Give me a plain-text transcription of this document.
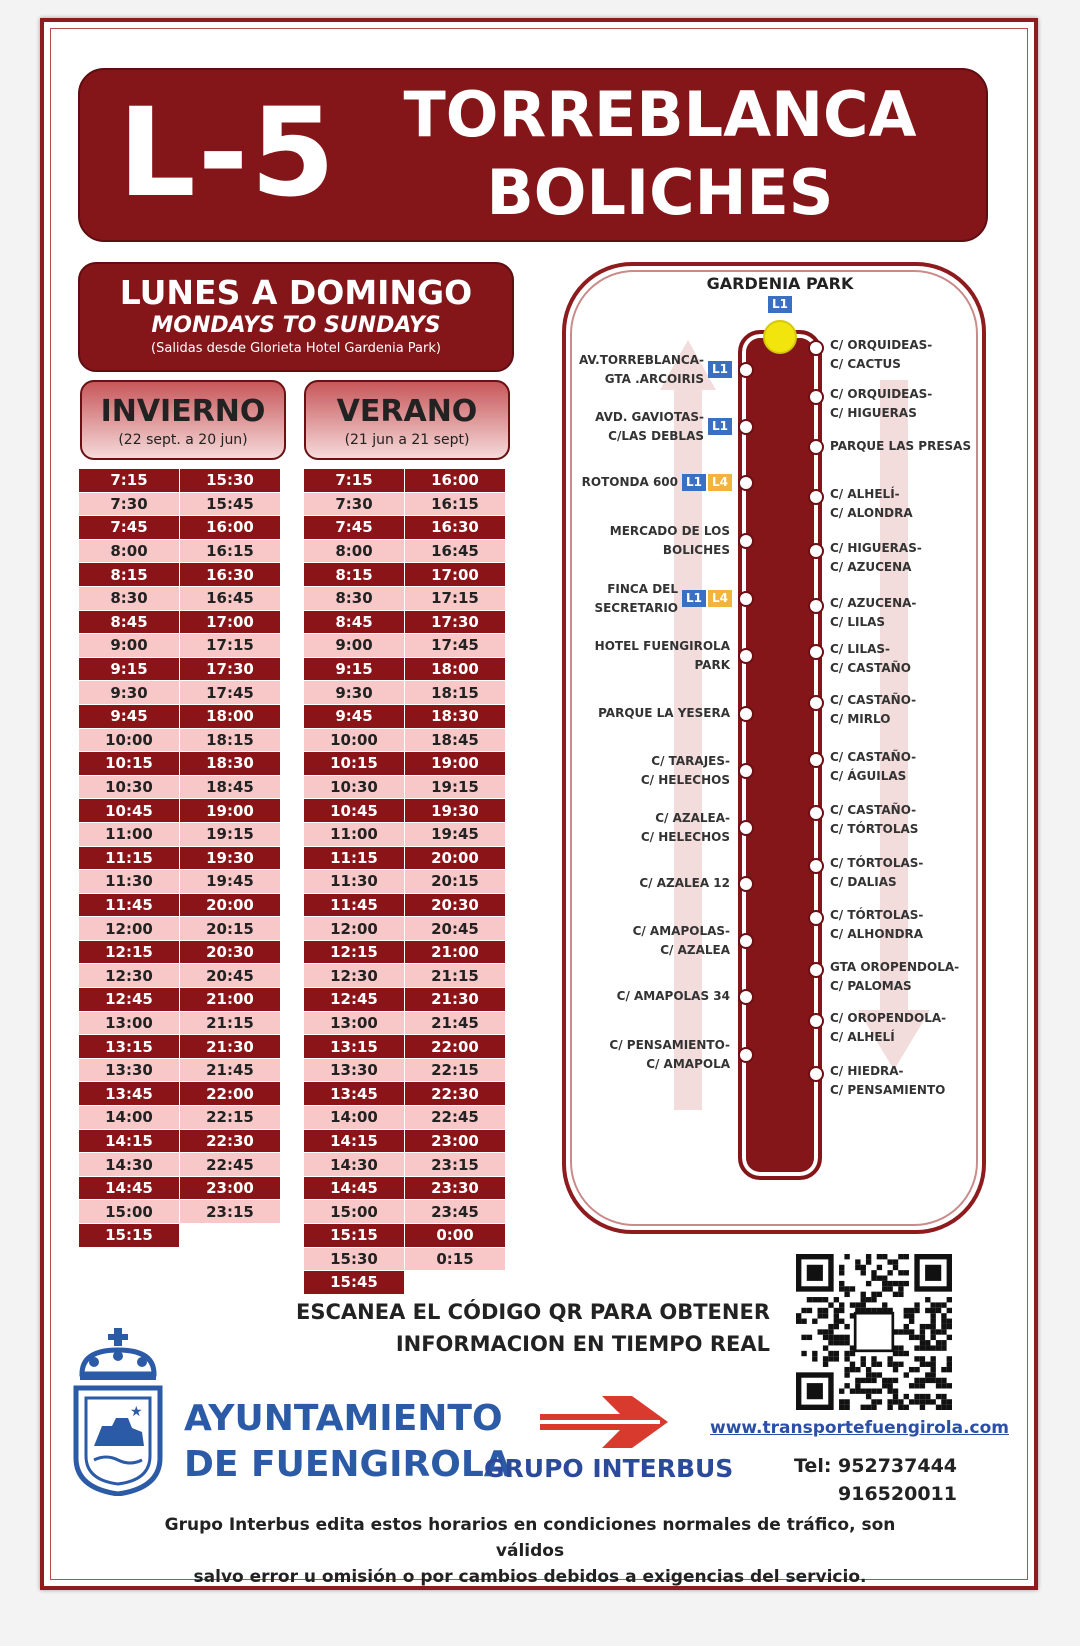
L-5 TORREBLANCA
BOLICHES
LUNES A DOMINGO
MONDAYS TO SUNDAYS
(Salidas desde Glorieta Hotel Gardenia Park)
INVIERNO
(22 sept. a 20 jun)
VERANO
(21 jun a 21 sept)
7:15	15:30
7:30	15:45
7:45	16:00
8:00	16:15
8:15	16:30
8:30	16:45
8:45	17:00
9:00	17:15
9:15	17:30
9:30	17:45
9:45	18:00
10:00	18:15
10:15	18:30
10:30	18:45
10:45	19:00
11:00	19:15
11:15	19:30
11:30	19:45
11:45	20:00
12:00	20:15
12:15	20:30
12:30	20:45
12:45	21:00
13:00	21:15
13:15	21:30
13:30	21:45
13:45	22:00
14:00	22:15
14:15	22:30
14:30	22:45
14:45	23:00
15:00	23:15
15:15	
7:15	16:00
7:30	16:15
7:45	16:30
8:00	16:45
8:15	17:00
8:30	17:15
8:45	17:30
9:00	17:45
9:15	18:00
9:30	18:15
9:45	18:30
10:00	18:45
10:15	19:00
10:30	19:15
10:45	19:30
11:00	19:45
11:15	20:00
11:30	20:15
11:45	20:30
12:00	20:45
12:15	21:00
12:30	21:15
12:45	21:30
13:00	21:45
13:15	22:00
13:30	22:15
13:45	22:30
14:00	22:45
14:15	23:00
14:30	23:15
14:45	23:30
15:00	23:45
15:15	0:00
15:30	0:15
15:45	
GARDENIA PARK
L1
AV.TORREBLANCA-
GTA .ARCOIRIS
L1
AVD. GAVIOTAS-
C/LAS DEBLAS
L1
ROTONDA 600 L1 L4
MERCADO DE LOS
BOLICHES
FINCA DEL
SECRETARIO
L1 L4
HOTEL FUENGIROLA
PARK
PARQUE LA YESERA
C/ TARAJES-
C/ HELECHOS
C/ AZALEA-
C/ HELECHOS
C/ AZALEA 12
C/ AMAPOLAS-
C/ AZALEA
C/ AMAPOLAS 34
C/ PENSAMIENTO-
C/ AMAPOLA
C/ ORQUIDEAS-
C/ CACTUS
C/ ORQUIDEAS-
C/ HIGUERAS
PARQUE LAS PRESAS
C/ ALHELÍ-
C/ ALONDRA
C/ HIGUERAS-
C/ AZUCENA
C/ AZUCENA-
C/ LILAS
C/ LILAS-
C/ CASTAÑO
C/ CASTAÑO-
C/ MIRLO
C/ CASTAÑO-
C/ ÁGUILAS
C/ CASTAÑO-
C/ TÓRTOLAS
C/ TÓRTOLAS-
C/ DALIAS
C/ TÓRTOLAS-
C/ ALHONDRA
GTA OROPENDOLA-
C/ PALOMAS
C/ OROPENDOLA-
C/ ALHELÍ
C/ HIEDRA-
C/ PENSAMIENTO
ESCANEA EL CÓDIGO QR PARA OBTENER
INFORMACION EN TIEMPO REAL
★ AYUNTAMIENTO
DE FUENGIROLA
GRUPO INTERBUS
www.transportefuengirola.com
Tel: 952737444
916520011
Grupo Interbus edita estos horarios en condiciones normales de tráfico, son válidos
salvo error u omisión o por cambios debidos a exigencias del servicio.
